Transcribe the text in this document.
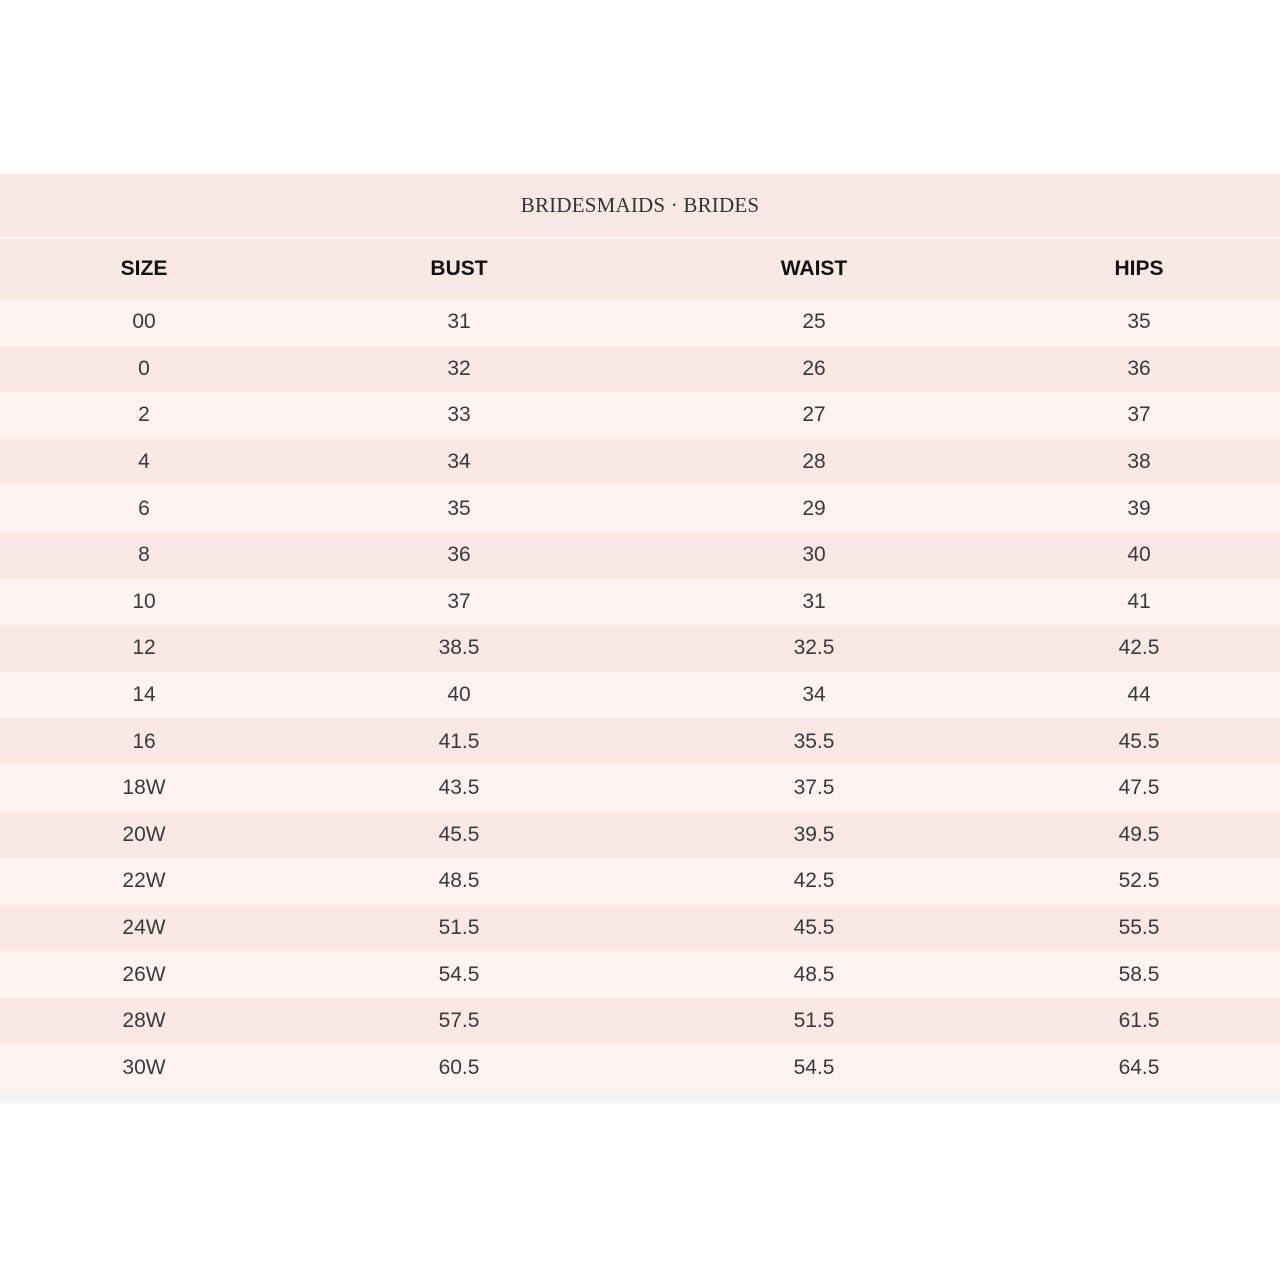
BRIDESMAIDS · BRIDES
SIZE	BUST	WAIST	HIPS
00	31	25	35
0	32	26	36
2	33	27	37
4	34	28	38
6	35	29	39
8	36	30	40
10	37	31	41
12	38.5	32.5	42.5
14	40	34	44
16	41.5	35.5	45.5
18W	43.5	37.5	47.5
20W	45.5	39.5	49.5
22W	48.5	42.5	52.5
24W	51.5	45.5	55.5
26W	54.5	48.5	58.5
28W	57.5	51.5	61.5
30W	60.5	54.5	64.5
